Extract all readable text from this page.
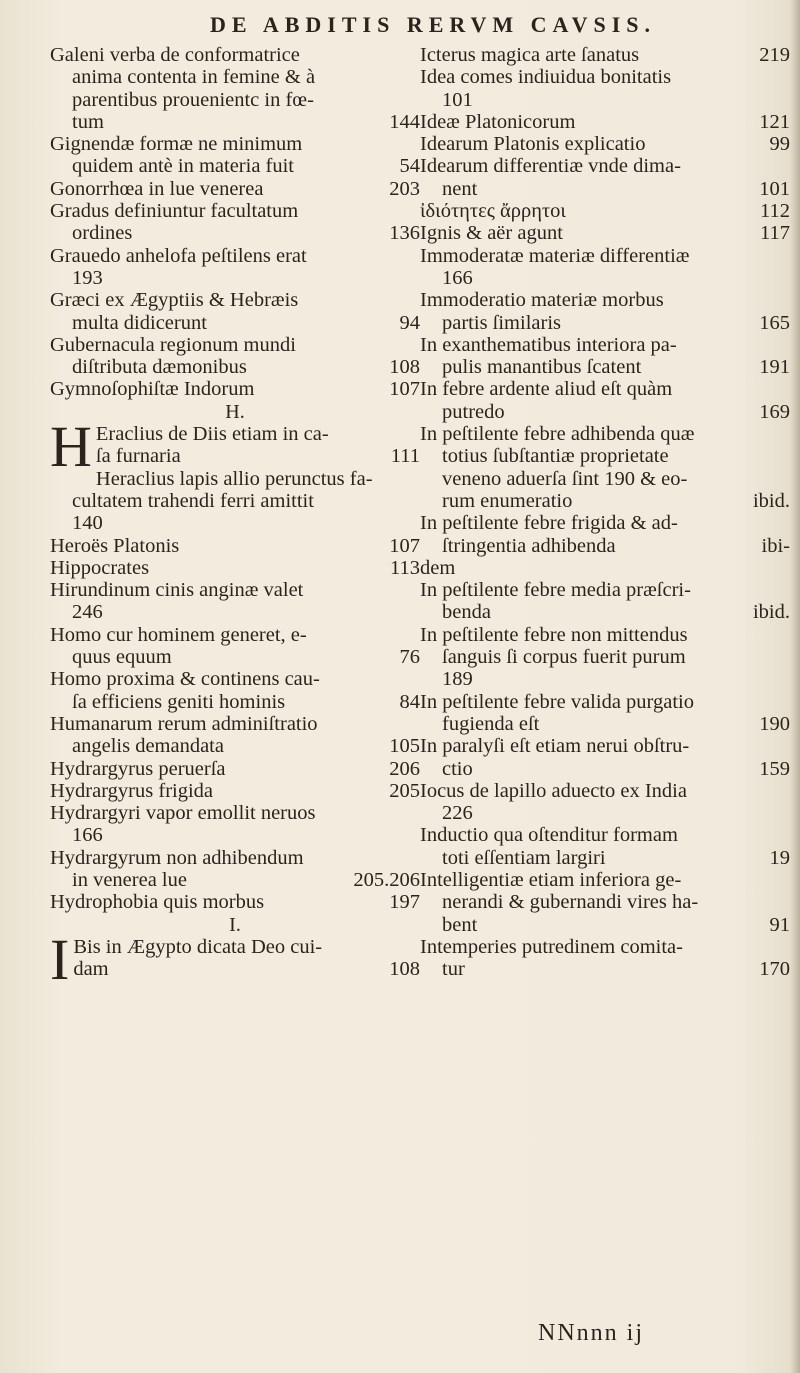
DE ABDITIS RERVM CAVSIS.
Galeni verba de conformatrice
anima contenta in femine & à
parentibus prouenientc in fœ-
tum	144
Gignendæ formæ ne minimum
quidem antè in materia fuit	54
Gonorrhœa in lue venerea	203
Gradus definiuntur facultatum
ordines	136
Grauedo anhelofa peſtilens erat
193
Græci ex Ægyptiis & Hebræis
multa didicerunt	94
Gubernacula regionum mundi
diſtributa dæmonibus	108
Gymnoſophiſtæ Indorum	107
H.
H Eraclius de Diis etiam in ca-
ſa furnaria	111
Heraclius lapis allio perunctus fa-
cultatem trahendi ferri amittit
140
Heroës Platonis	107
Hippocrates	113
Hirundinum cinis anginæ valet
246
Homo cur hominem generet, e-
quus equum	76
Homo proxima & continens cau-
ſa efficiens geniti hominis	84
Humanarum rerum adminiſtratio
angelis demandata	105
Hydrargyrus peruerſa	206
Hydrargyrus frigida	205
Hydrargyri vapor emollit neruos
166
Hydrargyrum non adhibendum
in venerea lue	205.206
Hydrophobia quis morbus	197
I.
I Bis in Ægypto dicata Deo cui-
dam	108
Icterus magica arte ſanatus	219
Idea comes indiuidua bonitatis
101
Ideæ Platonicorum	121
Idearum Platonis explicatio	99
Idearum differentiæ vnde dima-
nent	101
ἰδιότητες ἄρρητοι	112
Ignis & aër agunt	117
Immoderatæ materiæ differentiæ
166
Immoderatio materiæ morbus
partis ſimilaris	165
In exanthematibus interiora pa-
pulis manantibus ſcatent	191
In febre ardente aliud eſt quàm
putredo	169
In peſtilente febre adhibenda quæ
totius ſubſtantiæ proprietate
veneno aduerſa ſint 190 & eo-
rum enumeratio	ibid.
In peſtilente febre frigida & ad-
ſtringentia adhibenda	ibi-
dem
In peſtilente febre media præſcri-
benda	ibid.
In peſtilente febre non mittendus
ſanguis ſi corpus fuerit purum
189
In peſtilente febre valida purgatio
fugienda eſt	190
In paralyſi eſt etiam nerui obſtru-
ctio	159
Iocus de lapillo aduecto ex India
226
Inductio qua oſtenditur formam
toti eſſentiam largiri	19
Intelligentiæ etiam inferiora ge-
nerandi & gubernandi vires ha-
bent	91
Intemperies putredinem comita-
tur	170
NNnnn ij
